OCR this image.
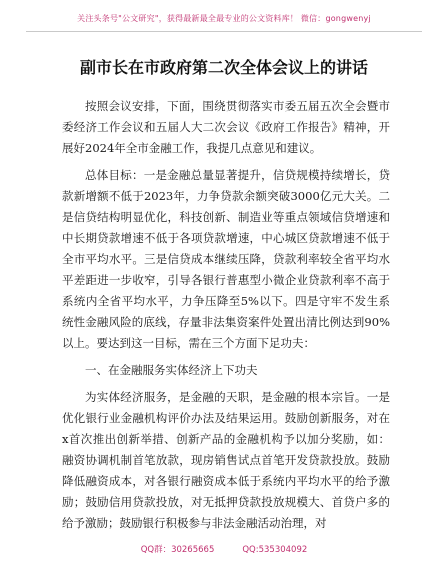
关注头条号"公文研究"，获得最新最全最专业的公文资料库！ 微信：gongwenyj
副市长在市政府第二次全体会议上的讲话

按照会议安排，下面，围绕贯彻落实市委五届五次全会暨市委经济工作会议和五届人大二次会议《政府工作报告》精神，开展好2024年全市金融工作，我提几点意见和建议。

总体目标：一是金融总量显著提升，信贷规模持续增长，贷款新增额不低于2023年，力争贷款余额突破3000亿元大关。二是信贷结构明显优化，科技创新、制造业等重点领域信贷增速和中长期贷款增速不低于各项贷款增速，中心城区贷款增速不低于全市平均水平。三是信贷成本继续压降，贷款利率较全省平均水平差距进一步收窄，引导各银行普惠型小微企业贷款利率不高于系统内全省平均水平，力争压降至5%以下。四是守牢不发生系统性金融风险的底线，存量非法集资案件处置出清比例达到90%以上。要达到这一目标，需在三个方面下足功夫：

一、在金融服务实体经济上下功夫

为实体经济服务，是金融的天职，是金融的根本宗旨。一是优化银行业金融机构评价办法及结果运用。鼓励创新服务，对在x首次推出创新举措、创新产品的金融机构予以加分奖励，如：融资协调机制首笔放款，现房销售试点首笔开发贷款投放。鼓励降低融资成本，对各银行融资成本低于系统内平均水平的给予激励；鼓励信用贷款投放，对无抵押贷款投放规模大、首贷户多的给予激励；鼓励银行积极参与非法金融活动治理，对

QQ群：30265665	QQ:535304092
